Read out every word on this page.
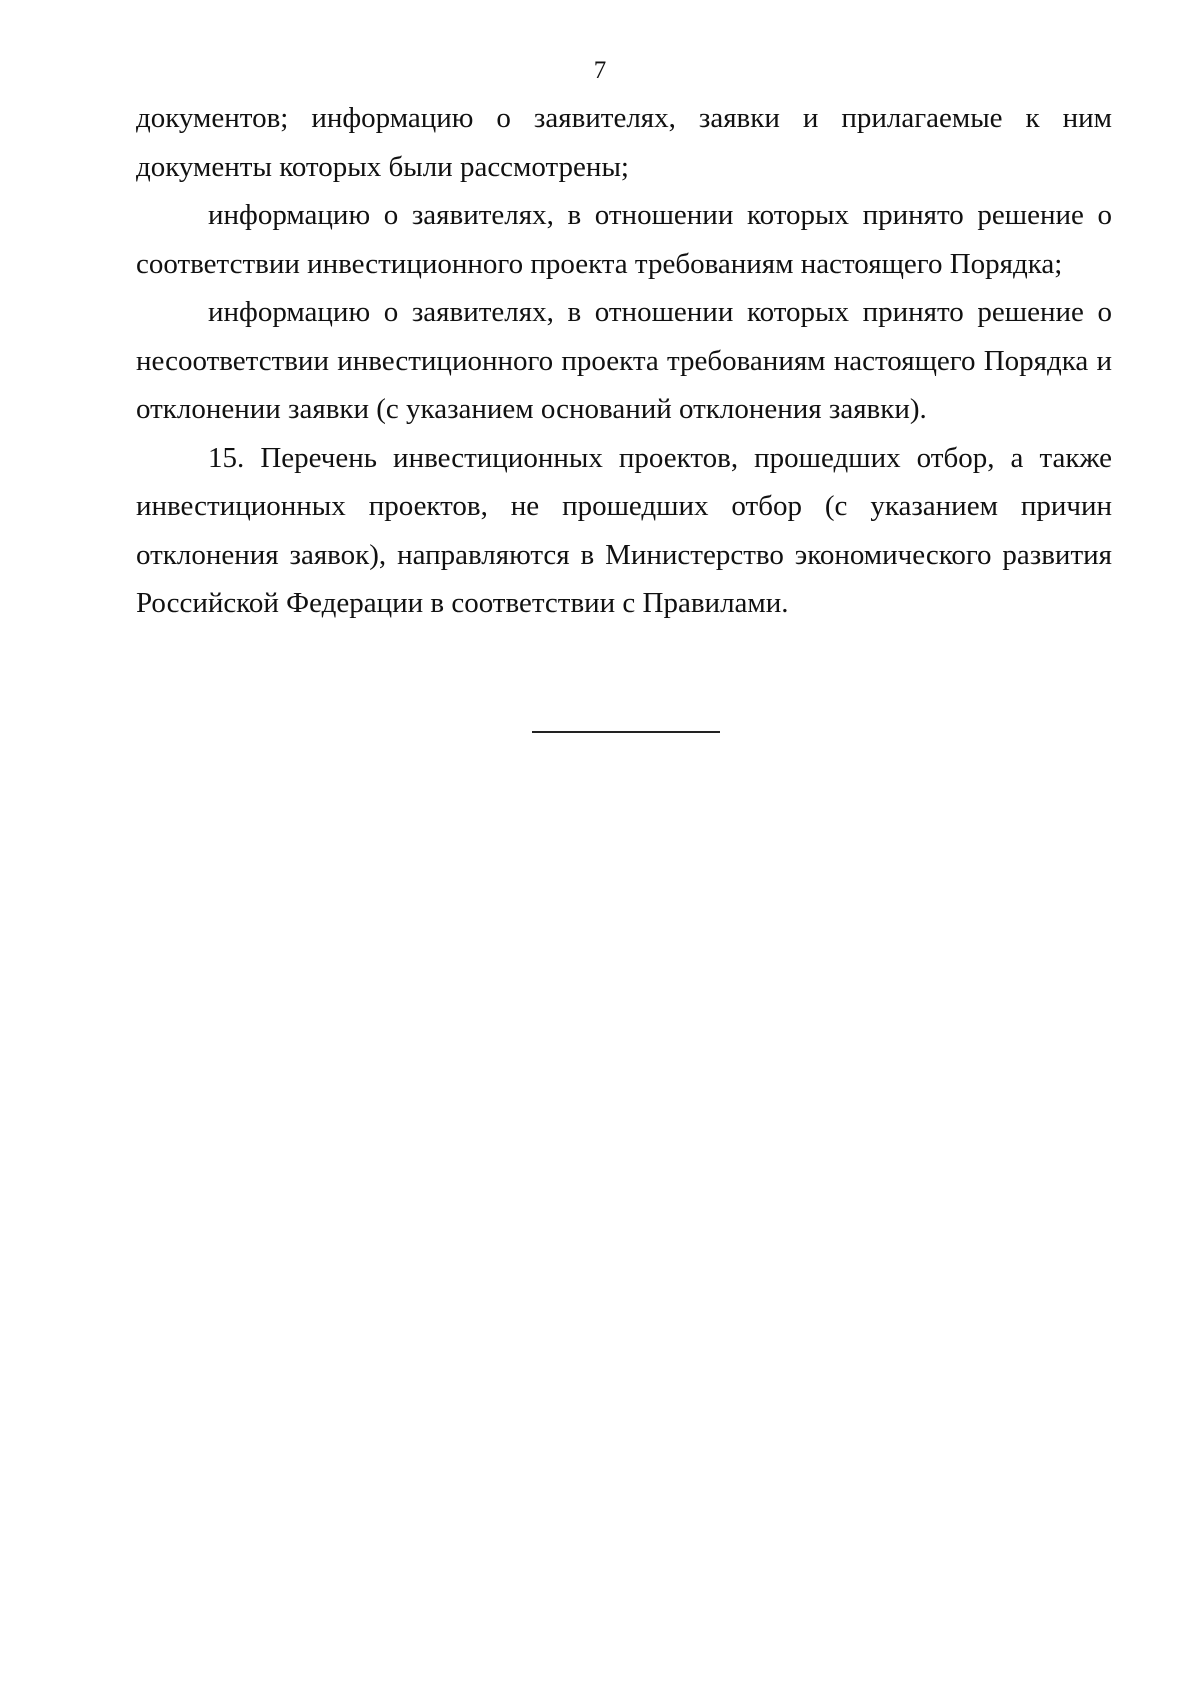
7

документов; информацию о заявителях, заявки и прилагаемые к ним документы которых были рассмотрены;

информацию о заявителях, в отношении которых принято решение о соответствии инвестиционного проекта требованиям настоящего Порядка;

информацию о заявителях, в отношении которых принято решение о несоответствии инвестиционного проекта требованиям настоящего Порядка и отклонении заявки (с указанием оснований отклонения заявки).

15. Перечень инвестиционных проектов, прошедших отбор, а также инвестиционных проектов, не прошедших отбор (с указанием причин отклонения заявок), направляются в Министерство экономического развития Российской Федерации в соответствии с Правилами.
